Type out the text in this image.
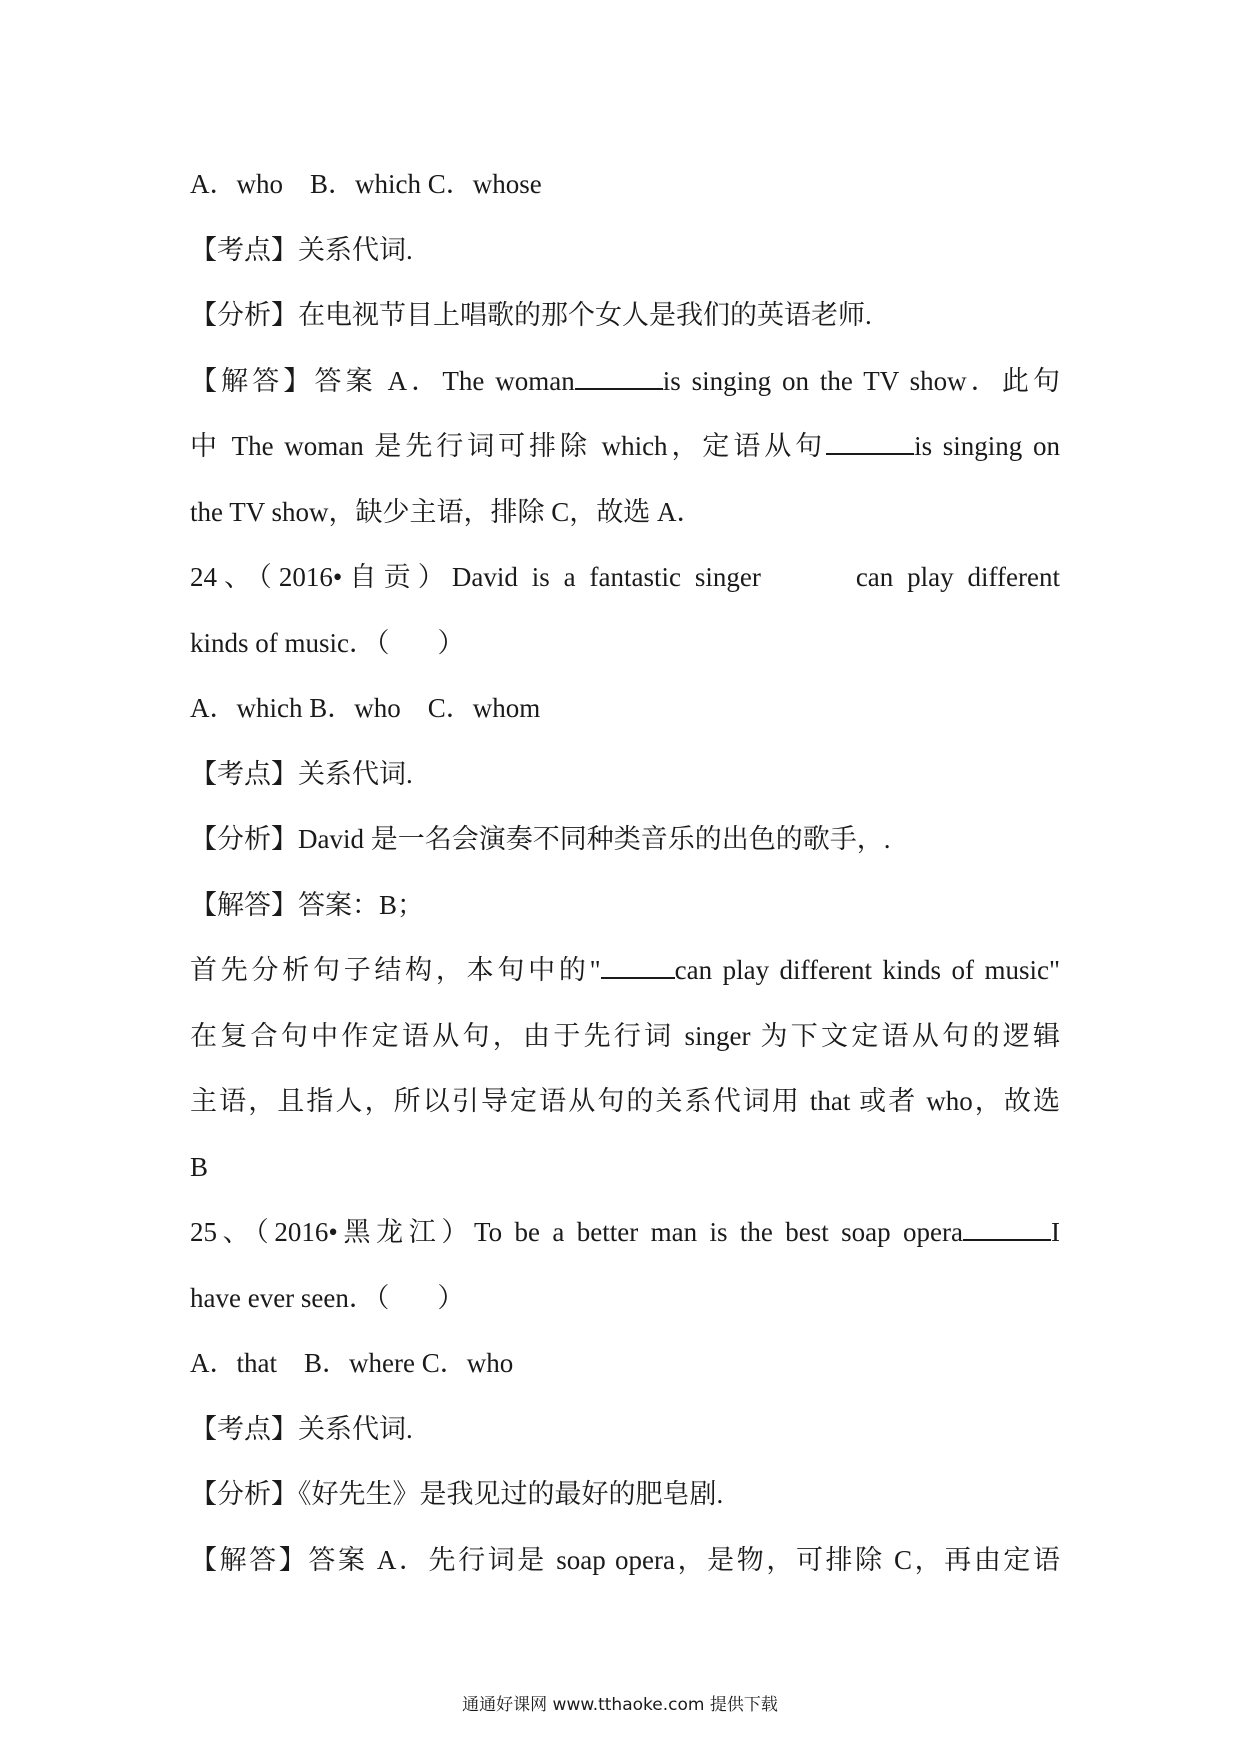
A．who　B．which C．whose
【考点】关系代词.
【分析】在电视节目上唱歌的那个女人是我们的英语老师.
【解答】答案 A．The woman	is singing on the TV show．此句
中 The woman 是先行词可排除 which，定语从句	is singing on
the TV show，缺少主语，排除 C，故选 A．
24、（2016•自贡）David is a fantastic singer	can play different
kinds of music．（ ）
A．which B．who　C．whom
【考点】关系代词.
【分析】David 是一名会演奏不同种类音乐的出色的歌手，.
【解答】答案：B；
首先分析句子结构，本句中的"	can play different kinds of music"
在复合句中作定语从句，由于先行词 singer 为下文定语从句的逻辑
主语，且指人，所以引导定语从句的关系代词用 that 或者 who，故选
B
25、（2016•黑龙江）To be a better man is the best soap opera	I
have ever seen．（ ）
A．that　B．where C．who
【考点】关系代词.
【分析】《好先生》是我见过的最好的肥皂剧.
【解答】答案 A．先行词是 soap opera，是物，可排除 C，再由定语
通通好课网 www.tthaoke.com 提供下载
